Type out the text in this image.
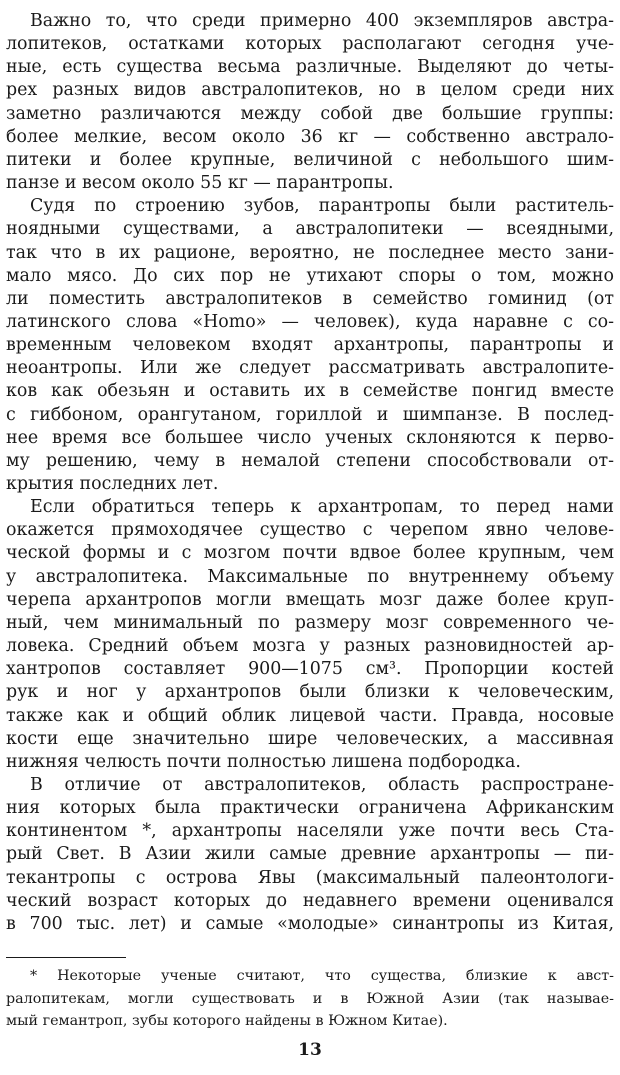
Важно то, что среди примерно 400 экземпляров австра-
лопитеков, остатками которых располагают сегодня уче-
ные, есть существа весьма различные. Выделяют до четы-
рех разных видов австралопитеков, но в целом среди них
заметно различаются между собой две большие группы:
более мелкие, весом около 36 кг — собственно австрало-
питеки и более крупные, величиной с небольшого шим-
панзе и весом около 55 кг — парантропы.
Судя по строению зубов, парантропы были раститель-
ноядными существами, а австралопитеки — всеядными,
так что в их рационе, вероятно, не последнее место зани-
мало мясо. До сих пор не утихают споры о том, можно
ли поместить австралопитеков в семейство гоминид (от
латинского слова «Homo» — человек), куда наравне с со-
временным человеком входят архантропы, парантропы и
неоантропы. Или же следует рассматривать австралопите-
ков как обезьян и оставить их в семействе понгид вместе
с гиббоном, орангутаном, гориллой и шимпанзе. В послед-
нее время все большее число ученых склоняются к перво-
му решению, чему в немалой степени способствовали от-
крытия последних лет.
Если обратиться теперь к архантропам, то перед нами
окажется прямоходячее существо с черепом явно челове-
ческой формы и с мозгом почти вдвое более крупным, чем
у австралопитека. Максимальные по внутреннему объему
черепа архантропов могли вмещать мозг даже более круп-
ный, чем минимальный по размеру мозг современного че-
ловека. Средний объем мозга у разных разновидностей ар-
хантропов составляет 900—1075 см³. Пропорции костей
рук и ног у архантропов были близки к человеческим,
также как и общий облик лицевой части. Правда, носовые
кости еще значительно шире человеческих, а массивная
нижняя челюсть почти полностью лишена подбородка.
В отличие от австралопитеков, область распростране-
ния которых была практически ограничена Африканским
континентом *, архантропы населяли уже почти весь Ста-
рый Свет. В Азии жили самые древние архантропы — пи-
текантропы с острова Явы (максимальный палеонтологи-
ческий возраст которых до недавнего времени оценивался
в 700 тыс. лет) и самые «молодые» синантропы из Китая,
* Некоторые ученые считают, что существа, близкие к авст-
ралопитекам, могли существовать и в Южной Азии (так называе-
мый гемантроп, зубы которого найдены в Южном Китае).
13
